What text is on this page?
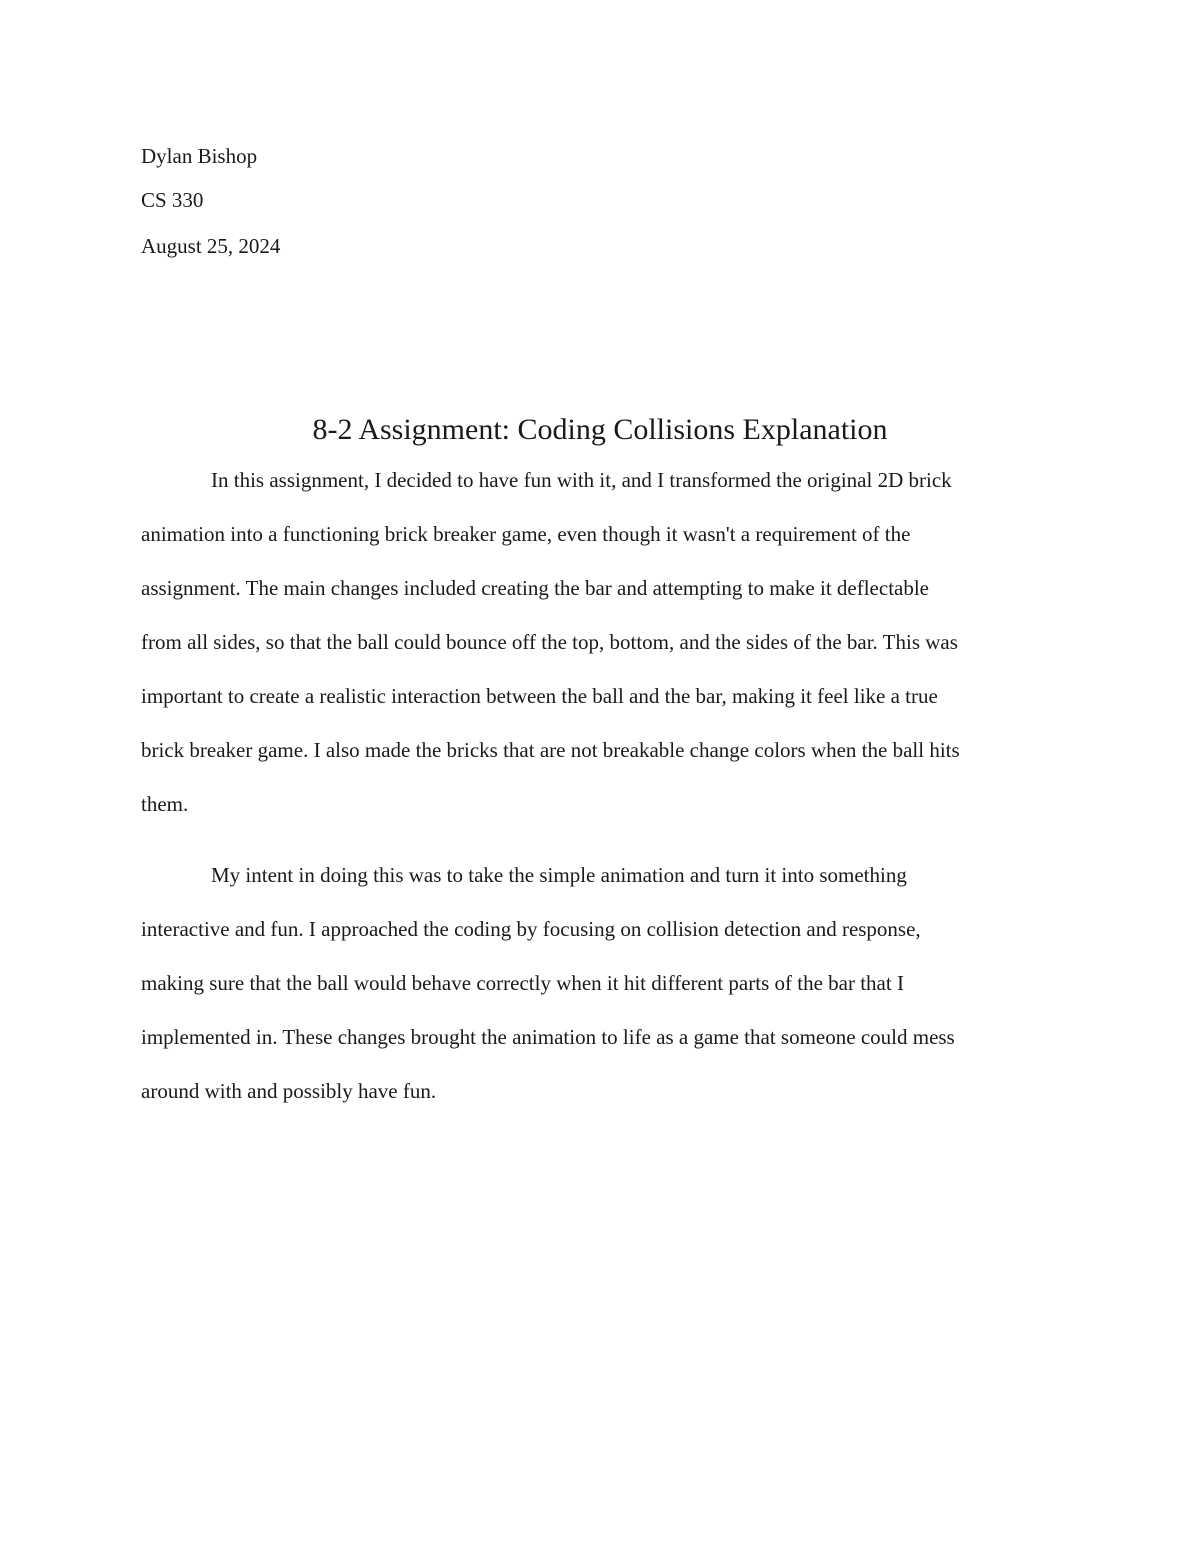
Dylan Bishop
CS 330
August 25, 2024
8-2 Assignment: Coding Collisions Explanation
In this assignment, I decided to have fun with it, and I transformed the original 2D brick
animation into a functioning brick breaker game, even though it wasn't a requirement of the
assignment. The main changes included creating the bar and attempting to make it deflectable
from all sides, so that the ball could bounce off the top, bottom, and the sides of the bar. This was
important to create a realistic interaction between the ball and the bar, making it feel like a true
brick breaker game. I also made the bricks that are not breakable change colors when the ball hits
them.
My intent in doing this was to take the simple animation and turn it into something
interactive and fun. I approached the coding by focusing on collision detection and response,
making sure that the ball would behave correctly when it hit different parts of the bar that I
implemented in. These changes brought the animation to life as a game that someone could mess
around with and possibly have fun.
